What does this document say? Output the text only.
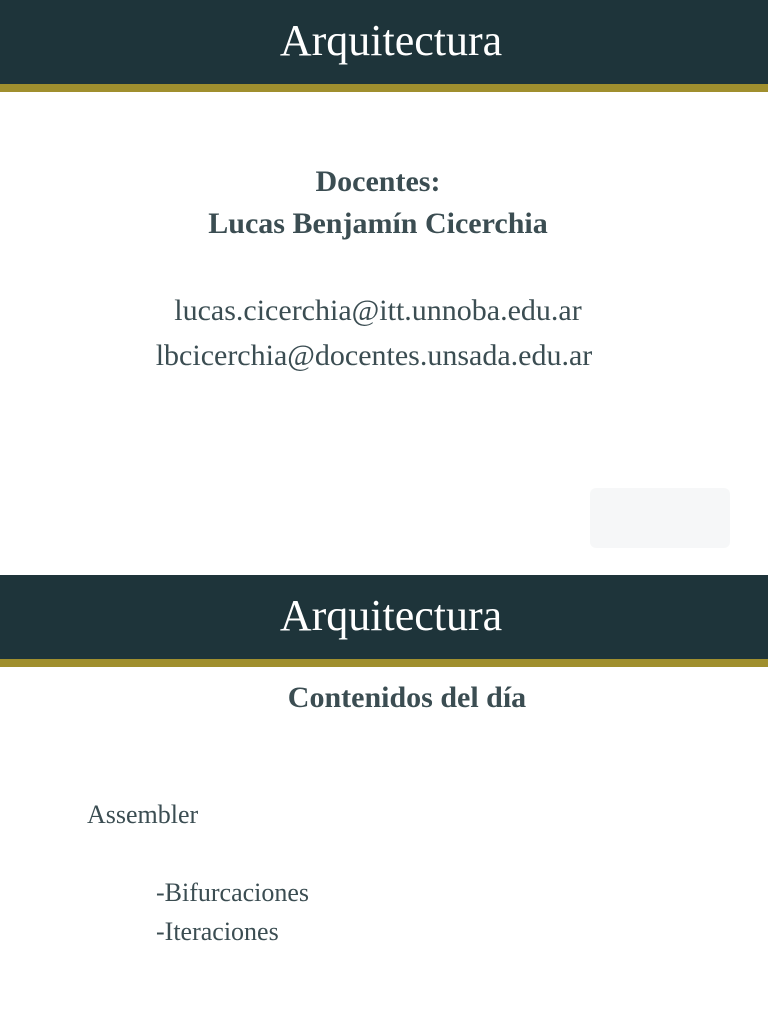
Arquitectura
Docentes:
Lucas Benjamín Cicerchia
lucas.cicerchia@itt.unnoba.edu.ar
lbcicerchia@docentes.unsada.edu.ar
Arquitectura
Contenidos del día
Assembler
-Bifurcaciones
-Iteraciones
